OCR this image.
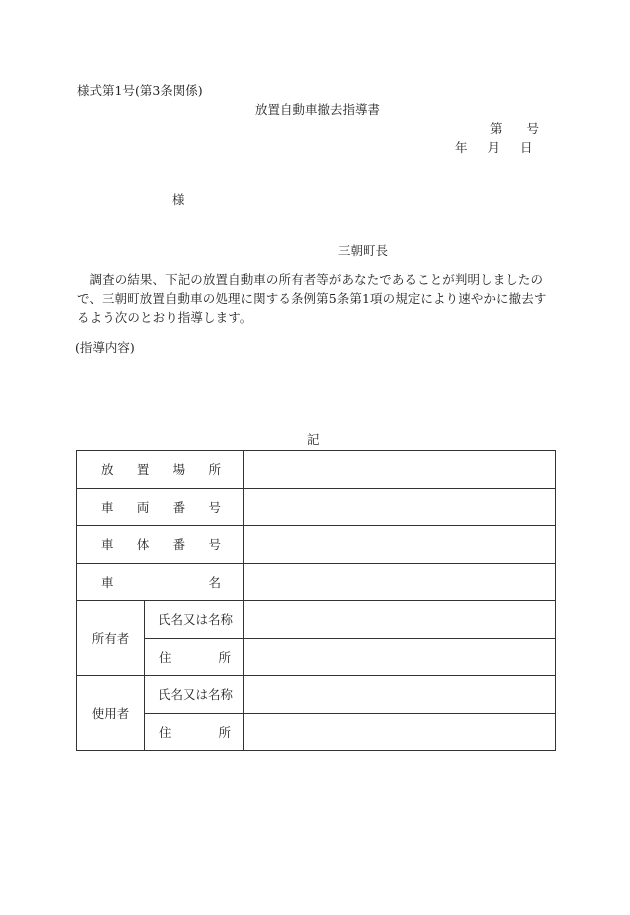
様式第1号(第3条関係)
放置自動車撤去指導書
第 号
年 月 日
様
三朝町長

調査の結果、下記の放置自動車の所有者等があなたであることが判明しましたので、三朝町放置自動車の処理に関する条例第5条第1項の規定により速やかに撤去するよう次のとおり指導します。

(指導内容)
記
放 置 場 所		

車 両 番 号		

車 体 番 号		

車 名		

所有者	氏名又は名称	

	住 所	

使用者	氏名又は名称	

	住 所	
